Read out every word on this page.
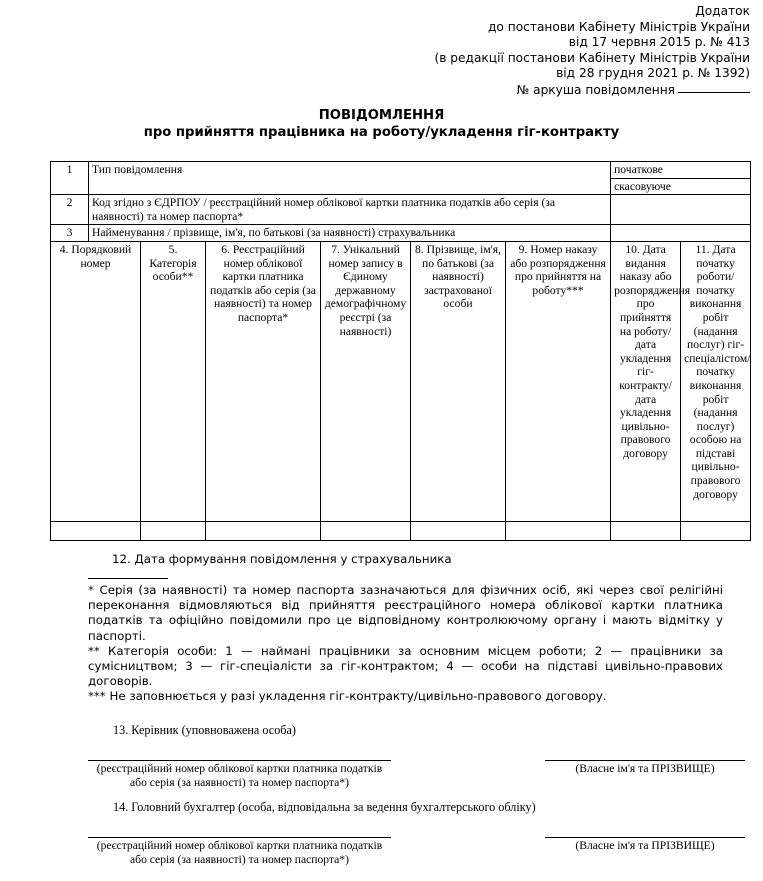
Додаток
до постанови Кабінету Міністрів України
від 17 червня 2015 р. № 413
(в редакції постанови Кабінету Міністрів України
від 28 грудня 2021 р. № 1392)
№ аркуша повідомлення
ПОВІДОМЛЕННЯ
про прийняття працівника на роботу/укладення гіг-контракту
1	Тип повідомлення						початкове	
							скасовуюче	
2	Код згідно з ЄДРПОУ / реєстраційний номер облікової картки платника податків або серія (за наявності) та номер паспорта*							
3	Найменування / прізвище, ім'я, по батькові (за наявності) страхувальника							
4. Порядковий номер		5. Категорія особи**	6. Реєстраційний номер облікової картки платника податків або серія (за наявності) та номер паспорта*	7. Унікальний номер запису в Єдиному державному демографічному реєстрі (за наявності)	8. Прізвище, ім'я, по батькові (за наявності) застрахованої особи	9. Номер наказу або розпорядження про прийняття на роботу***	10. Дата видання наказу або розпорядження про прийняття на роботу/дата укладення гіг-контракту/дата укладення цивільно-правового договору	11. Дата початку роботи/початку виконання робіт (надання послуг) гіг-спеціалістом/початку виконання робіт (надання послуг) особою на підставі цивільно-правового договору

12. Дата формування повідомлення у страхувальника

* Серія (за наявності) та номер паспорта зазначаються для фізичних осіб, які через свої релігійні переконання відмовляються від прийняття реєстраційного номера облікової картки платника податків та офіційно повідомили про це відповідному контролюючому органу і мають відмітку у паспорті.

** Категорія особи: 1 — наймані працівники за основним місцем роботи; 2 — працівники за сумісництвом; 3 — гіг-спеціалісти за гіг-контрактом; 4 — особи на підставі цивільно-правових договорів.

*** Не заповнюється у разі укладення гіг-контракту/цивільно-правового договору.

13. Керівник (уповноважена особа)
(реєстраційний номер облікової картки платника податків або серія (за наявності) та номер паспорта*)
(Власне ім'я та ПРІЗВИЩЕ)
14. Головний бухгалтер (особа, відповідальна за ведення бухгалтерського обліку)
(реєстраційний номер облікової картки платника податків або серія (за наявності) та номер паспорта*)
(Власне ім'я та ПРІЗВИЩЕ)
